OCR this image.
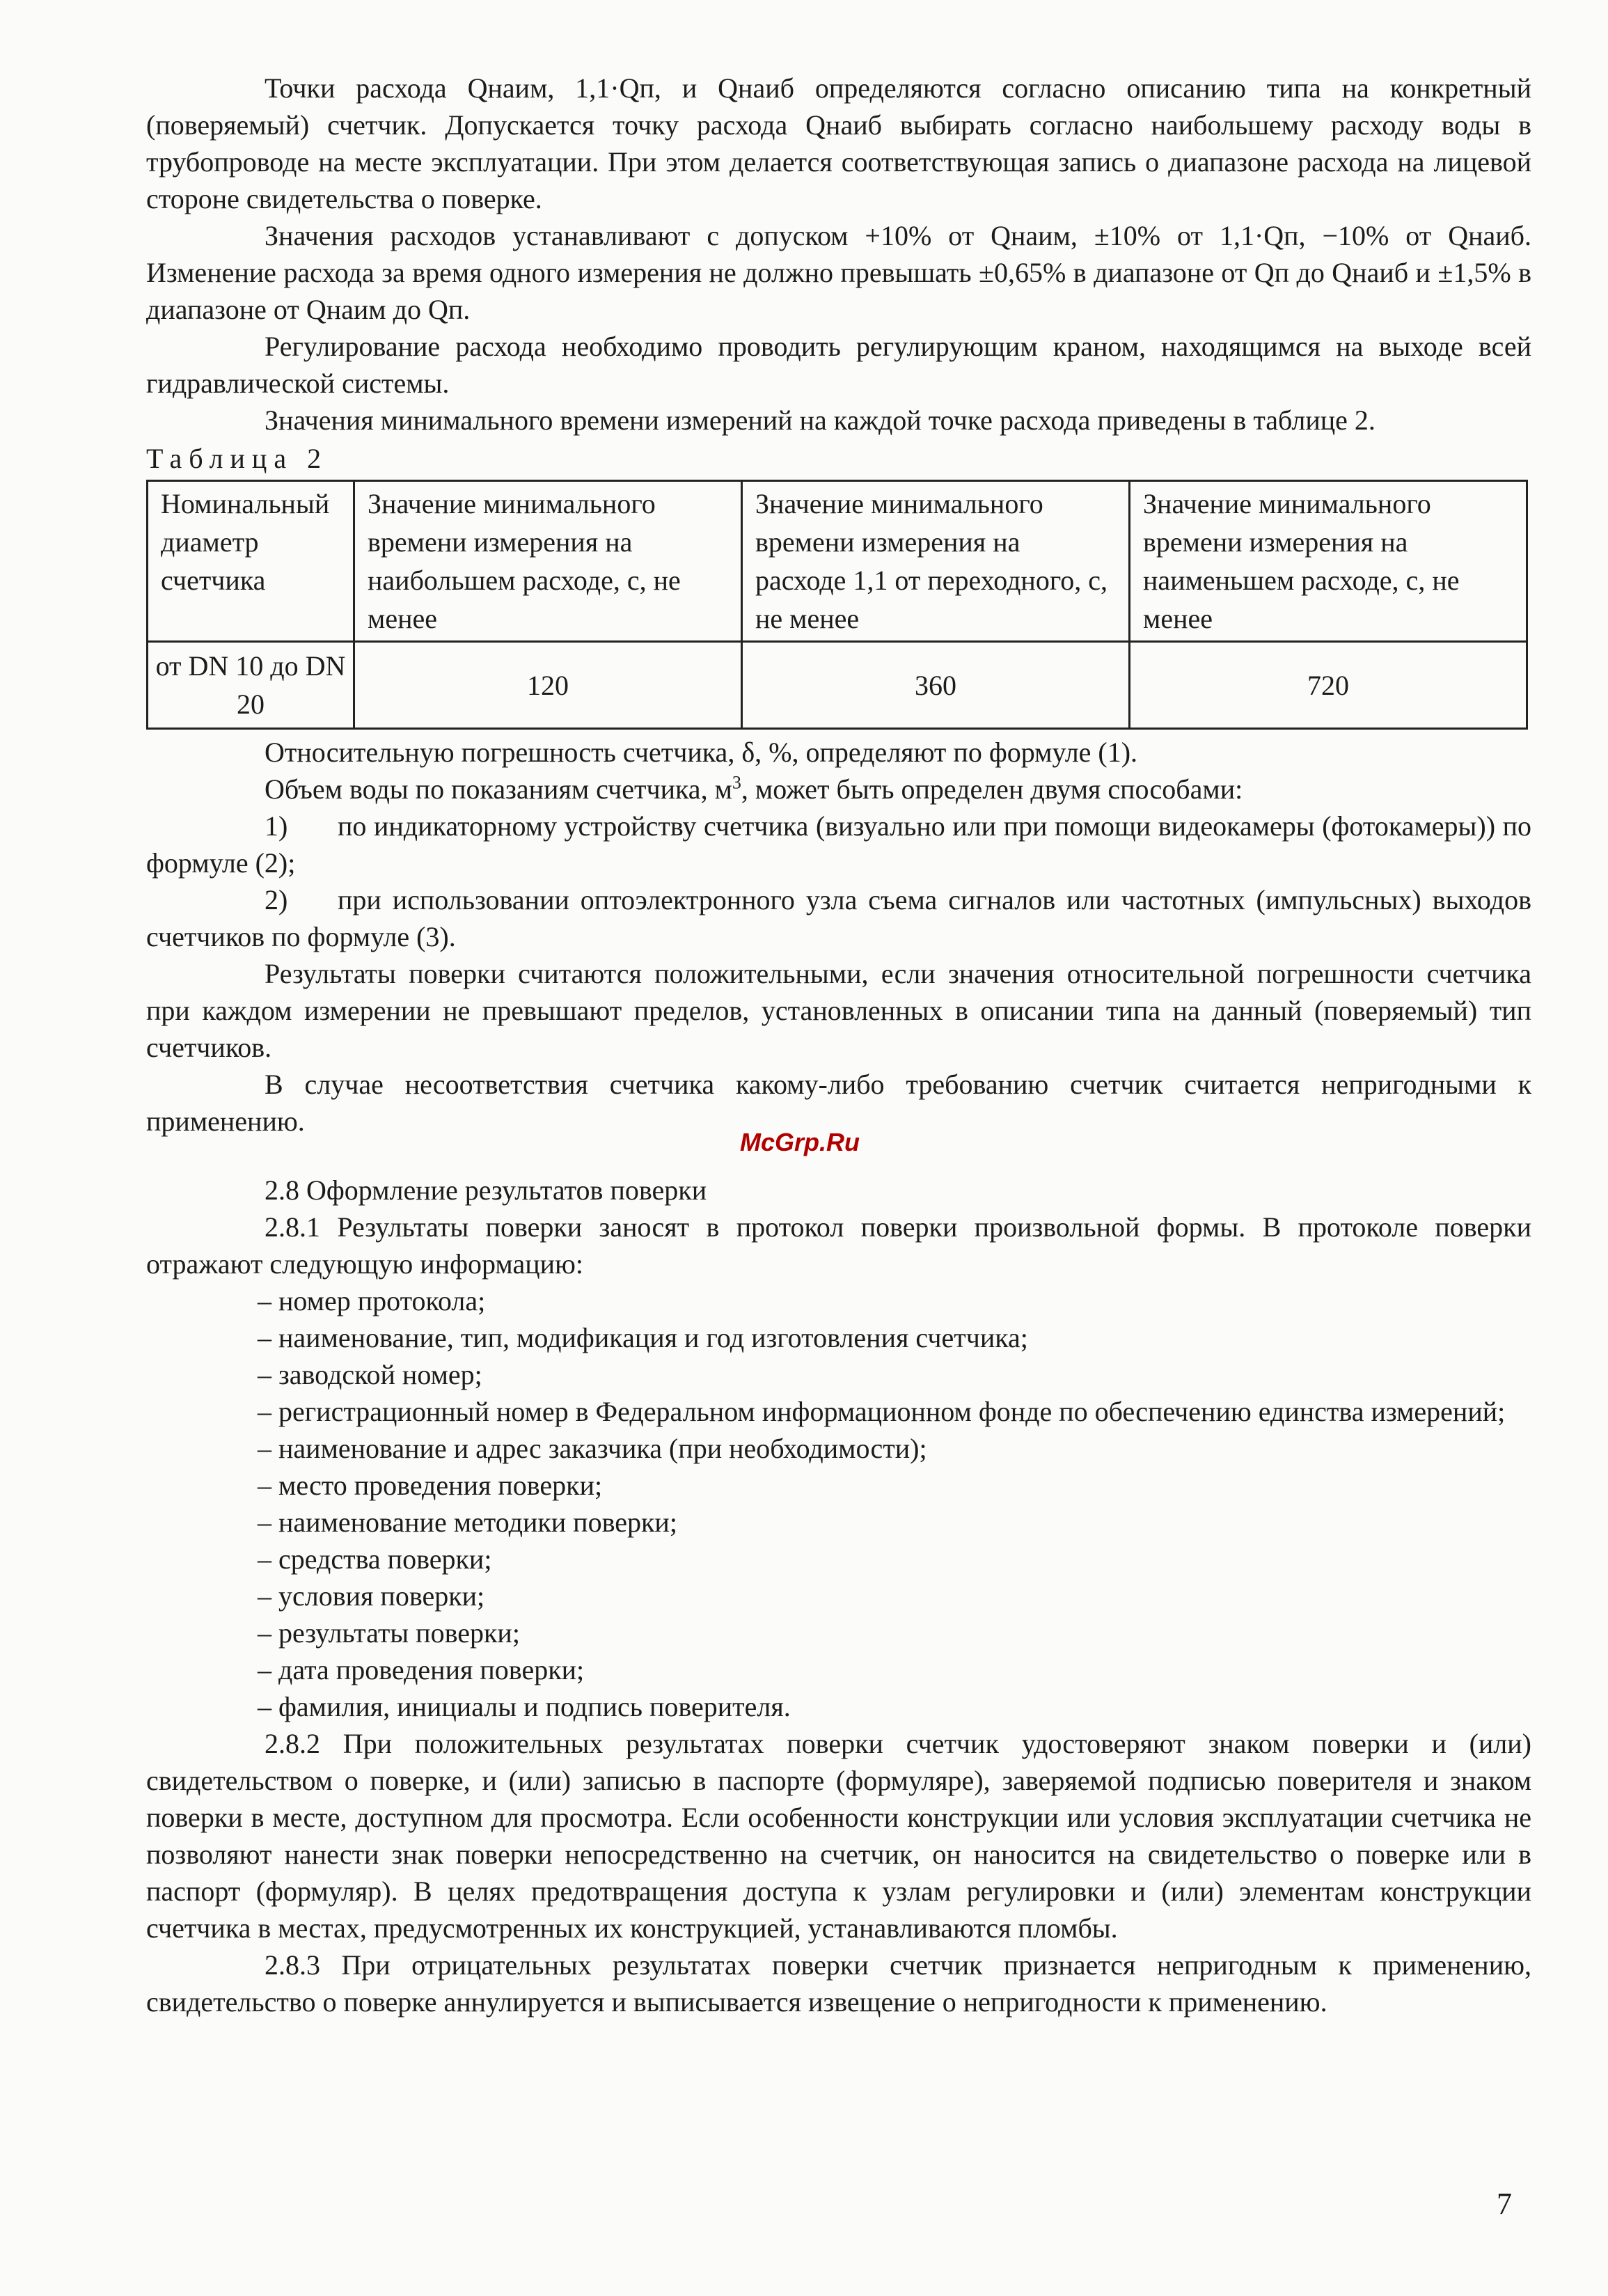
Точки расхода Qнаим, 1,1·Qп, и Qнаиб определяются согласно описанию типа на конкретный (поверяемый) счетчик. Допускается точку расхода Qнаиб выбирать согласно наибольшему расходу воды в трубопроводе на месте эксплуатации. При этом делается соответствующая запись о диапазоне расхода на лицевой стороне свидетельства о поверке.

Значения расходов устанавливают с допуском +10% от Qнаим, ±10% от 1,1·Qп, −10% от Qнаиб. Изменение расхода за время одного измерения не должно превышать ±0,65% в диапазоне от Qп до Qнаиб и ±1,5% в диапазоне от Qнаим до Qп.

Регулирование расхода необходимо проводить регулирующим краном, находящимся на выходе всей гидравлической системы.

Значения минимального времени измерений на каждой точке расхода приведены в таблице 2.

Таблица 2
Номинальный диаметр счетчика	Значение минимального времени измерения на наибольшем расходе, с, не менее	Значение минимального времени измерения на расходе 1,1 от переходного, с, не менее	Значение минимального времени измерения на наименьшем расходе, с, не менее
от DN 10 до DN 20	120	360	720

Относительную погрешность счетчика, δ, %, определяют по формуле (1).

Объем воды по показаниям счетчика, $м^3$, может быть определен двумя способами:

1) по индикаторному устройству счетчика (визуально или при помощи видеокамеры (фотокамеры)) по формуле (2);

2) при использовании оптоэлектронного узла съема сигналов или частотных (импульсных) выходов счетчиков по формуле (3).

Результаты поверки считаются положительными, если значения относительной погрешности счетчика при каждом измерении не превышают пределов, установленных в описании типа на данный (поверяемый) тип счетчиков.

В случае несоответствия счетчика какому-либо требованию счетчик считается непригодными к применению.

2.8 Оформление результатов поверки

2.8.1 Результаты поверки заносят в протокол поверки произвольной формы. В протоколе поверки отражают следующую информацию:

– номер протокола;

– наименование, тип, модификация и год изготовления счетчика;

– заводской номер;

– регистрационный номер в Федеральном информационном фонде по обеспечению единства измерений;

– наименование и адрес заказчика (при необходимости);

– место проведения поверки;

– наименование методики поверки;

– средства поверки;

– условия поверки;

– результаты поверки;

– дата проведения поверки;

– фамилия, инициалы и подпись поверителя.

2.8.2 При положительных результатах поверки счетчик удостоверяют знаком поверки и (или) свидетельством о поверке, и (или) записью в паспорте (формуляре), заверяемой подписью поверителя и знаком поверки в месте, доступном для просмотра. Если особенности конструкции или условия эксплуатации счетчика не позволяют нанести знак поверки непосредственно на счетчик, он наносится на свидетельство о поверке или в паспорт (формуляр). В целях предотвращения доступа к узлам регулировки и (или) элементам конструкции счетчика в местах, предусмотренных их конструкцией, устанавливаются пломбы.

2.8.3 При отрицательных результатах поверки счетчик признается непригодным к применению, свидетельство о поверке аннулируется и выписывается извещение о непригодности к применению.

McGrp.Ru
7
